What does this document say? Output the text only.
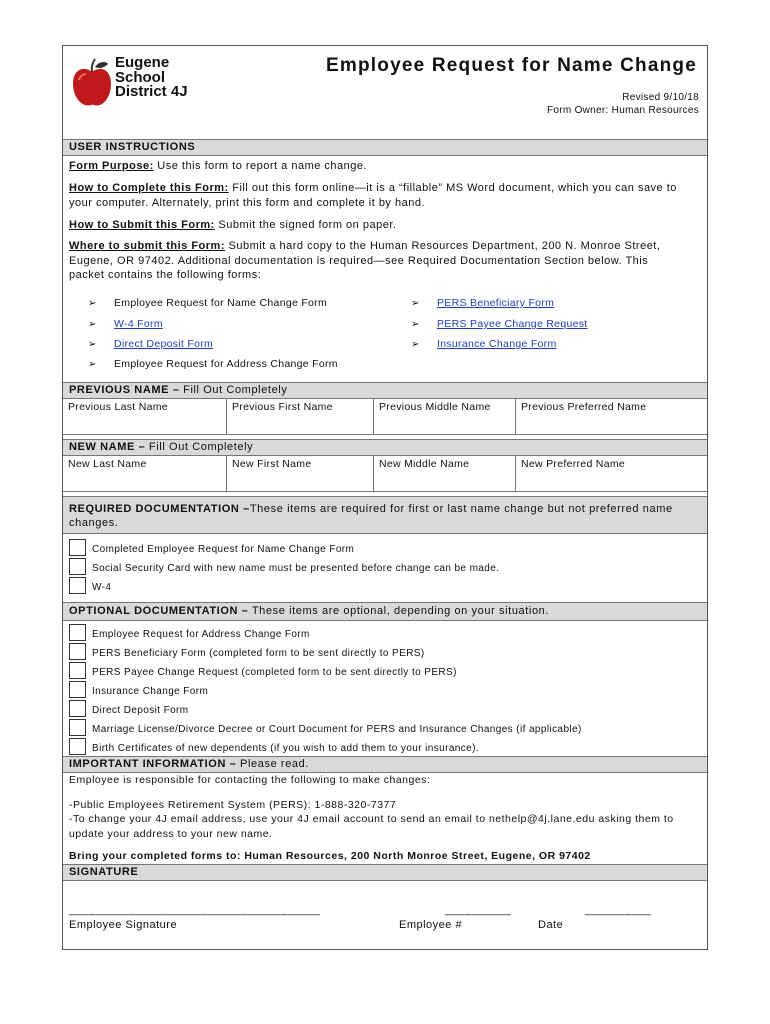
Eugene
School
District 4J
Employee Request for Name Change
Revised 9/10/18
Form Owner: Human Resources
USER INSTRUCTIONS
Form Purpose: Use this form to report a name change.
How to Complete this Form: Fill out this form online—it is a “fillable” MS Word document, which you can save to your computer. Alternately, print this form and complete it by hand.
How to Submit this Form: Submit the signed form on paper.
Where to submit this Form: Submit a hard copy to the Human Resources Department, 200 N. Monroe Street, Eugene, OR 97402. Additional documentation is required—see Required Documentation Section below. This packet contains the following forms:
➢ Employee Request for Name Change Form
➢ W-4 Form
➢ Direct Deposit Form
➢ Employee Request for Address Change Form
➢ PERS Beneficiary Form
➢ PERS Payee Change Request
➢ Insurance Change Form
PREVIOUS NAME – Fill Out Completely
Previous Last Name	Previous First Name	Previous Middle Name	Previous Preferred Name
NEW NAME – Fill Out Completely
New Last Name	New First Name	New Middle Name	New Preferred Name
REQUIRED DOCUMENTATION –These items are required for first or last name change but not preferred name changes.
Completed Employee Request for Name Change Form
Social Security Card with new name must be presented before change can be made.
W-4
OPTIONAL DOCUMENTATION – These items are optional, depending on your situation.
Employee Request for Address Change Form
PERS Beneficiary Form (completed form to be sent directly to PERS)
PERS Payee Change Request (completed form to be sent directly to PERS)
Insurance Change Form
Direct Deposit Form
Marriage License/Divorce Decree or Court Document for PERS and Insurance Changes (if applicable)
Birth Certificates of new dependents (if you wish to add them to your insurance).
IMPORTANT INFORMATION – Please read.
Employee is responsible for contacting the following to make changes:
-Public Employees Retirement System (PERS): 1-888-320-7377
-To change your 4J email address, use your 4J email account to send an email to nethelp@4j.lane.edu asking them to update your address to your new name.
Bring your completed forms to: Human Resources, 200 North Monroe Street, Eugene, OR 97402
SIGNATURE
______________________________________	__________	__________
Employee Signature	Employee #	Date
